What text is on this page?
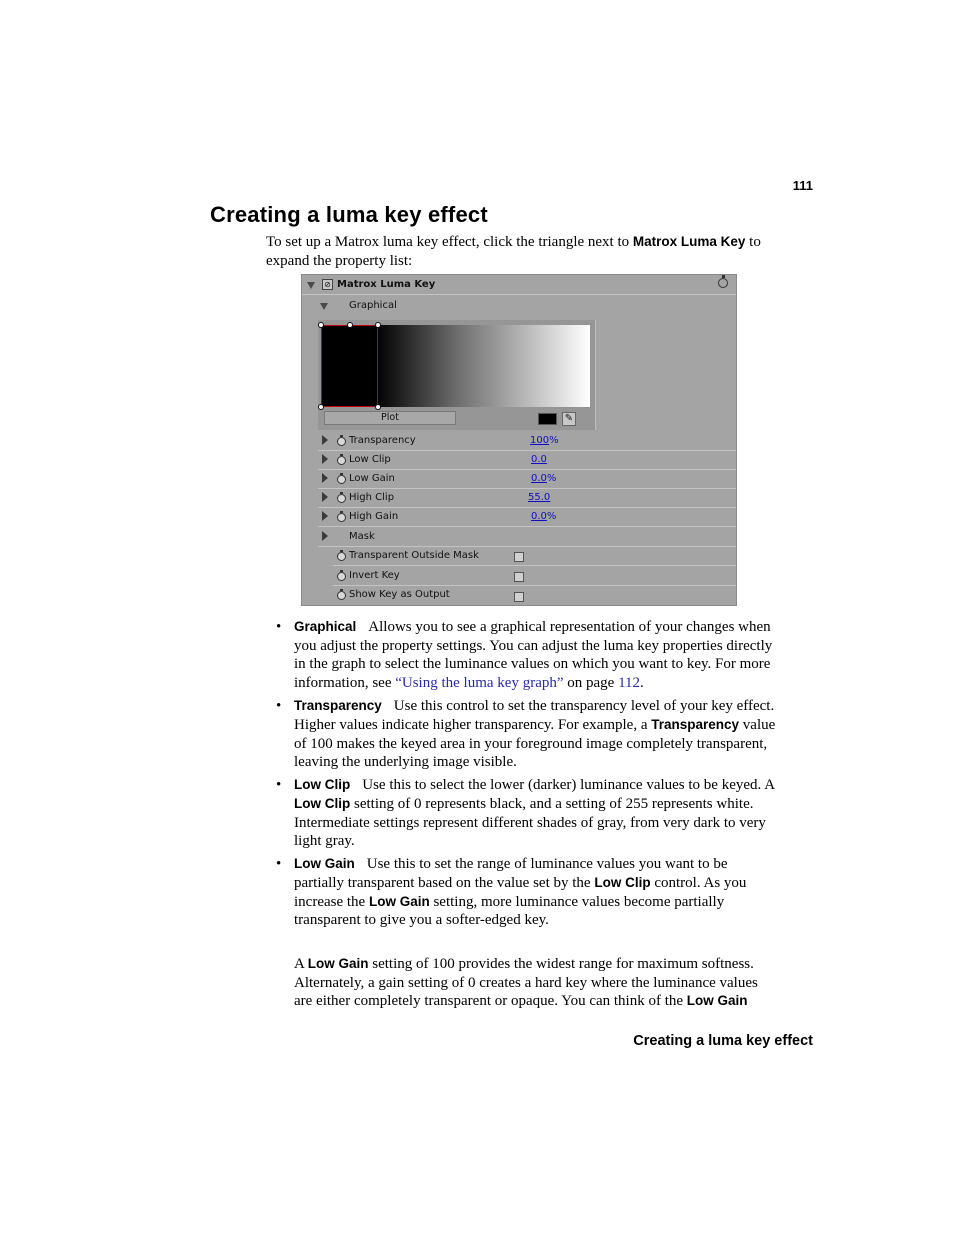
111
Creating a luma key effect

To set up a Matrox luma key effect, click the triangle next to Matrox Luma Key to expand the property list:

⊘ Matrox Luma Key
Graphical
Plot	✎
Transparency	100%
Low Clip	0.0
Low Gain	0.0%
High Clip	55.0
High Gain	0.0%
Mask
Transparent Outside Mask
Invert Key
Show Key as Output
• Graphical Allows you to see a graphical representation of your changes when you adjust the property settings. You can adjust the luma key properties directly in the graph to select the luminance values on which you want to key. For more information, see “Using the luma key graph” on page 112.
• Transparency Use this control to set the transparency level of your key effect. Higher values indicate higher transparency. For example, a Transparency value of 100 makes the keyed area in your foreground image completely transparent, leaving the underlying image visible.
• Low Clip Use this to select the lower (darker) luminance values to be keyed. A Low Clip setting of 0 represents black, and a setting of 255 represents white. Intermediate settings represent different shades of gray, from very dark to very light gray.
• Low Gain Use this to set the range of luminance values you want to be partially transparent based on the value set by the Low Clip control. As you increase the Low Gain setting, more luminance values become partially transparent to give you a softer-edged key.

A Low Gain setting of 100 provides the widest range for maximum softness. Alternately, a gain setting of 0 creates a hard key where the luminance values are either completely transparent or opaque. You can think of the Low Gain

Creating a luma key effect
